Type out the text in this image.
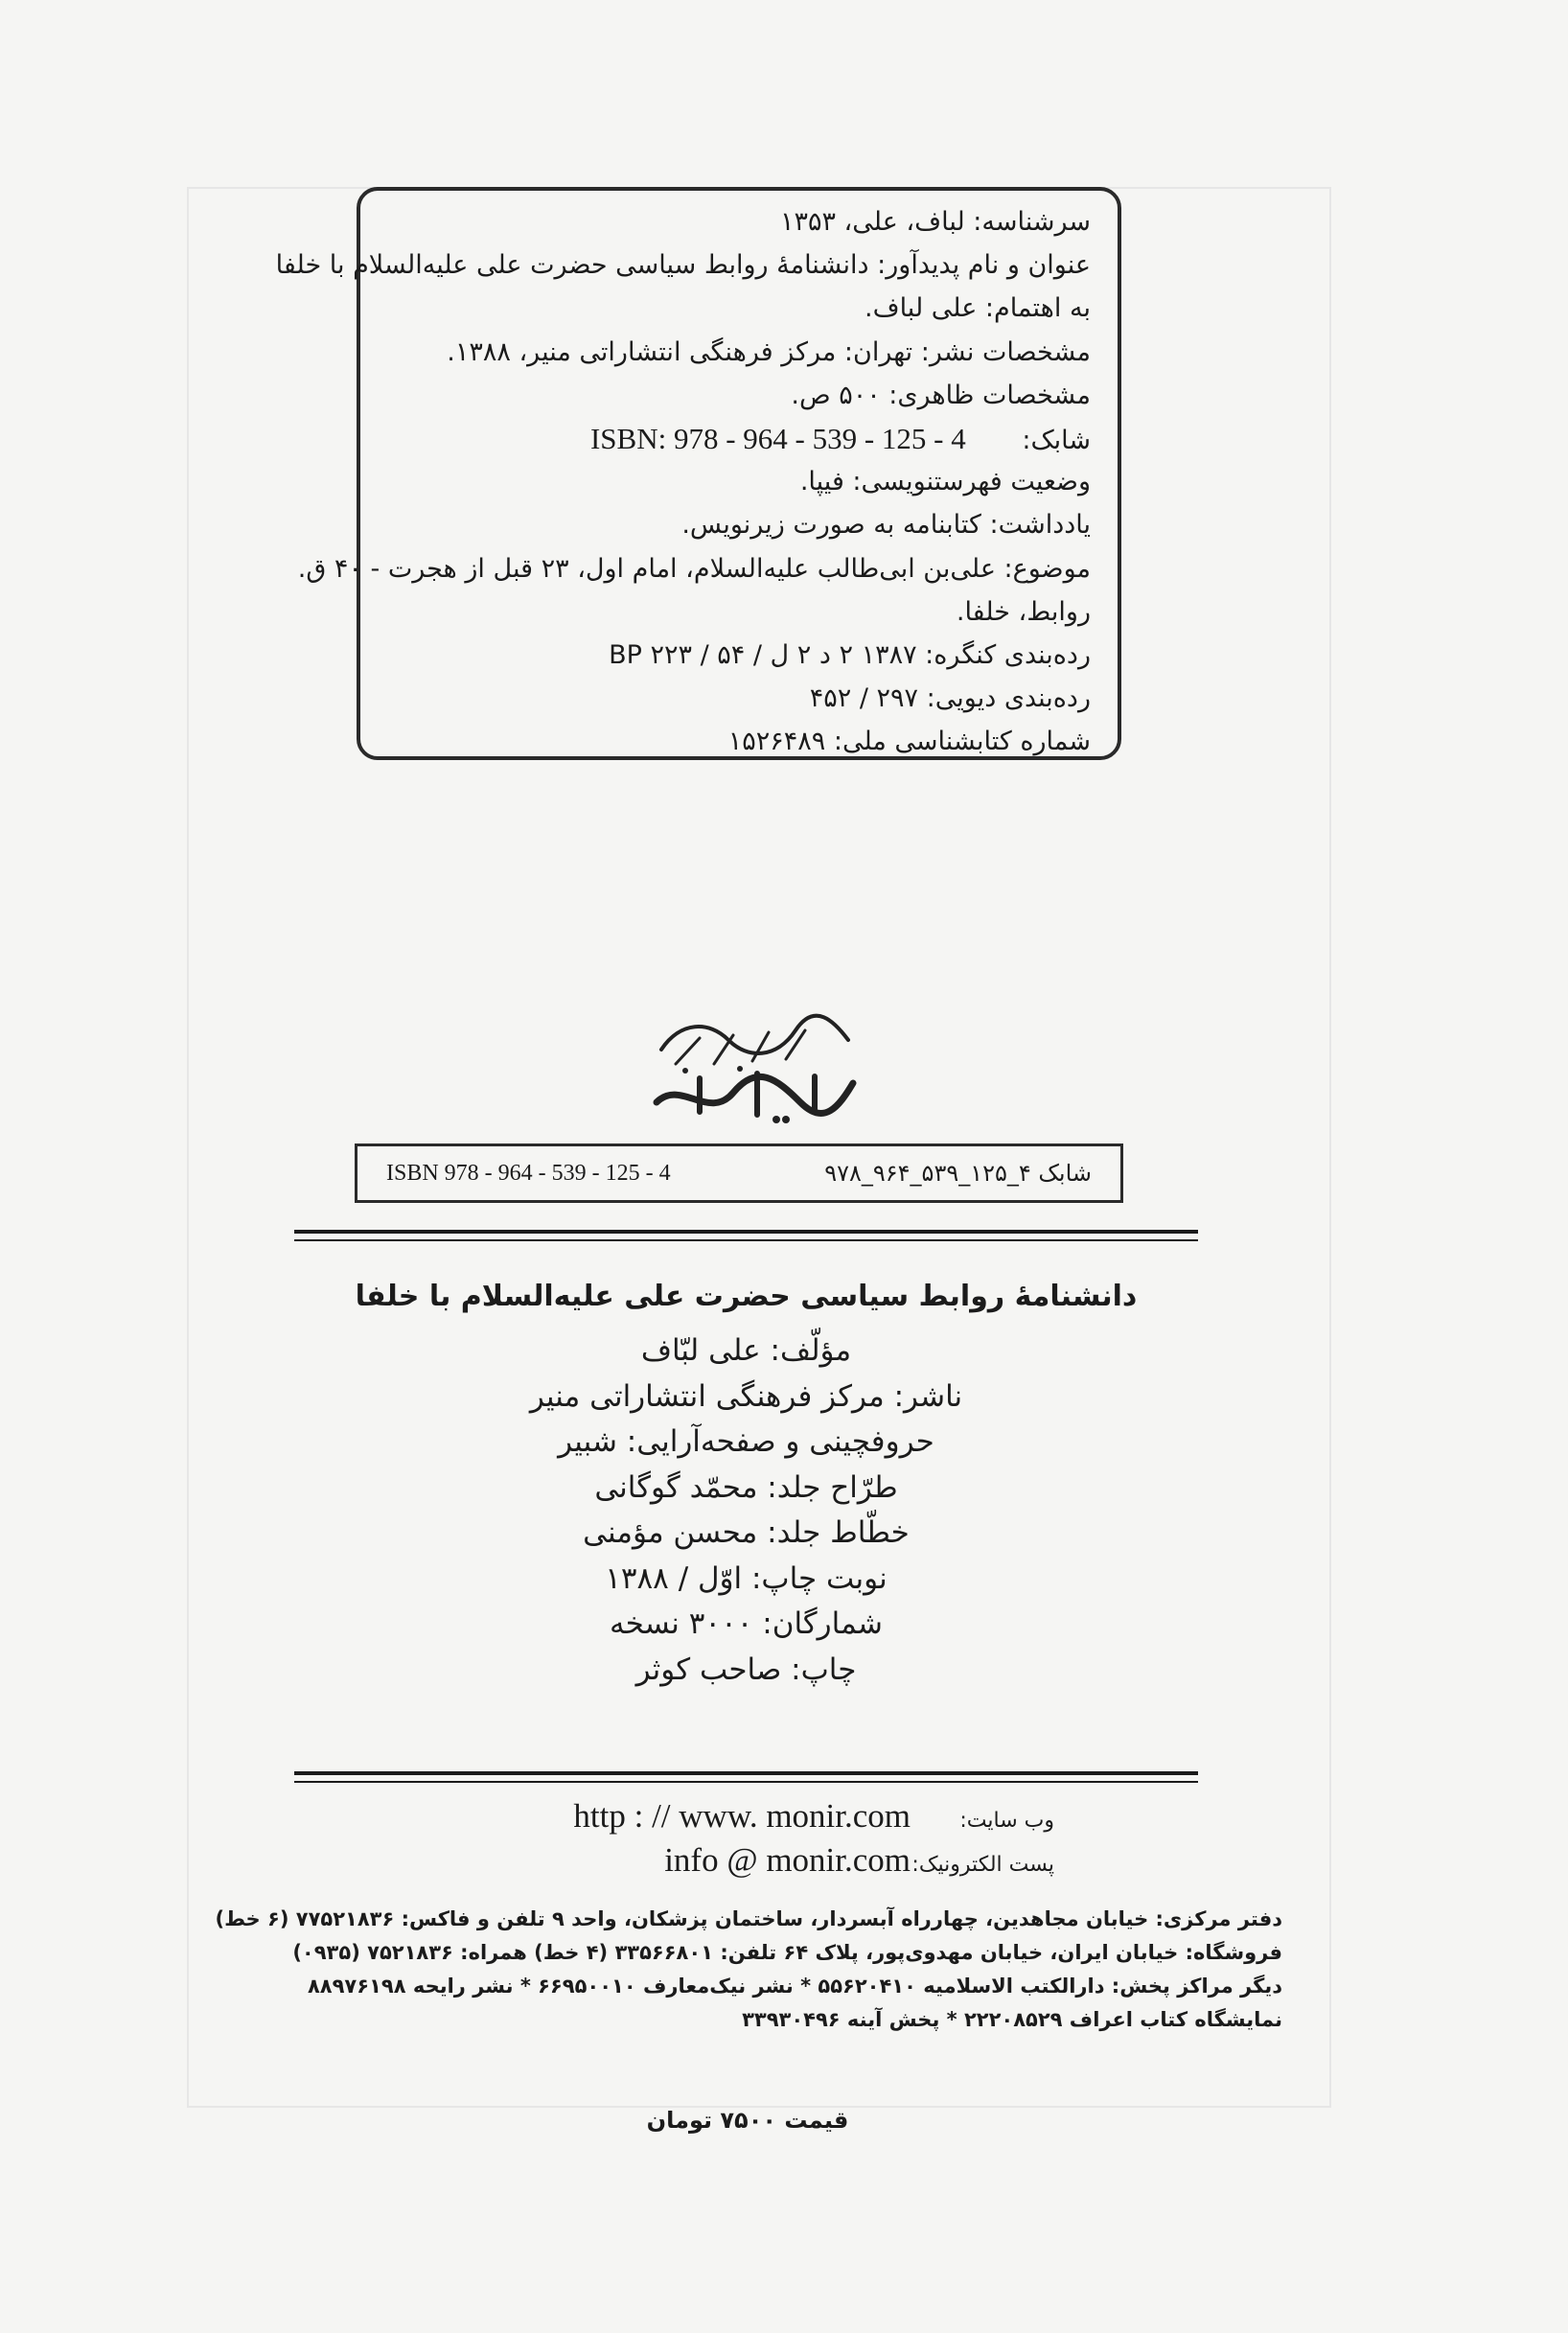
سرشناسه: لباف، علی، ۱۳۵۳
عنوان و نام پدیدآور: دانشنامهٔ روابط سیاسی حضرت علی علیه‌السلام با خلفا
به اهتمام: علی لباف.
مشخصات نشر: تهران: مرکز فرهنگی انتشاراتی منیر، ۱۳۸۸.
مشخصات ظاهری: ۵۰۰ ص.
شابک: ISBN: 978 - 964 - 539 - 125 - 4
وضعیت فهرستنویسی: فیپا.
یادداشت: کتابنامه به صورت زیرنویس.
موضوع: علی‌بن ابی‌طالب علیه‌السلام، امام اول، ۲۳ قبل از هجرت - ۴۰ ق.
روابط، خلفا.
رده‌بندی کنگره: ۱۳۸۷ ۲ د ۲ ل / ۵۴ / ۲۲۳ BP
رده‌بندی دیویی: ۲۹۷ / ۴۵۲
شماره کتابشناسی ملی: ۱۵۲۶۴۸۹
ISBN 978 - 964 - 539 - 125 - 4	شابک ۴_۱۲۵_۵۳۹_۹۶۴_۹۷۸
دانشنامهٔ روابط سیاسی حضرت علی علیه‌السلام با خلفا
مؤلّف: علی لبّاف
ناشر: مرکز فرهنگی انتشاراتی منیر
حروفچینی و صفحه‌آرایی: شبیر
طرّاح جلد: محمّد گوگانی
خطّاط جلد: محسن مؤمنی
نوبت چاپ: اوّل / ۱۳۸۸
شمارگان: ۳۰۰۰ نسخه
چاپ: صاحب کوثر
وب سایت:
http : // www. monir.com
پست الکترونیک:
info @ monir.com
دفتر مرکزی: خیابان مجاهدین، چهارراه آبسردار، ساختمان پزشکان، واحد ۹ تلفن و فاکس: ۷۷۵۲۱۸۳۶ (۶ خط)
فروشگاه: خیابان ایران، خیابان مهدوی‌پور، پلاک ۶۴ تلفن: ۳۳۵۶۶۸۰۱ (۴ خط) همراه: ۷۵۲۱۸۳۶ (۰۹۳۵)
دیگر مراکز پخش: دارالکتب الاسلامیه ۵۵۶۲۰۴۱۰ * نشر نیک‌معارف ۶۶۹۵۰۰۱۰ * نشر رایحه ۸۸۹۷۶۱۹۸
نمایشگاه کتاب اعراف ۲۲۲۰۸۵۲۹ * پخش آینه ۳۳۹۳۰۴۹۶
قیمت ۷۵۰۰ تومان
